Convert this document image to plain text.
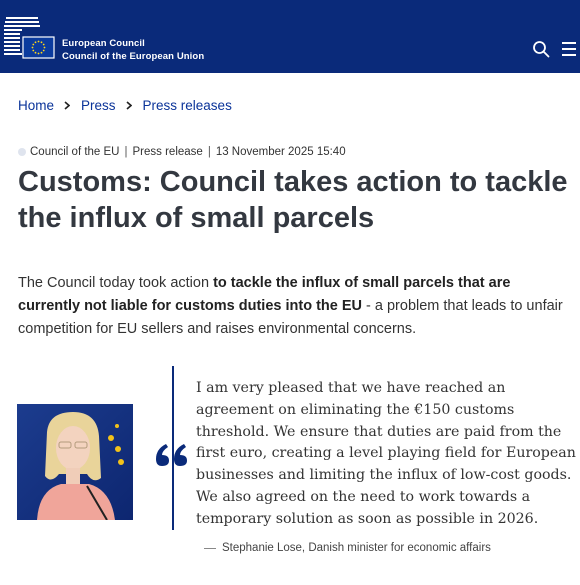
European Council
Council of the European Union
Home Press Press releases
Council of the EU | Press release | 13 November 2025 15:40
Customs: Council takes action to tackle the influx of small parcels

The Council today took action to tackle the influx of small parcels that are currently not liable for customs duties into the EU - a problem that leads to unfair competition for EU sellers and raises environmental concerns.

I am very pleased that we have reached an agreement on eliminating the €150 customs threshold. We ensure that duties are paid from the first euro, creating a level playing field for European businesses and limiting the influx of low-cost goods. We also agreed on the need to work towards a temporary solution as soon as possible in 2026.

Stephanie Lose, Danish minister for economic affairs
